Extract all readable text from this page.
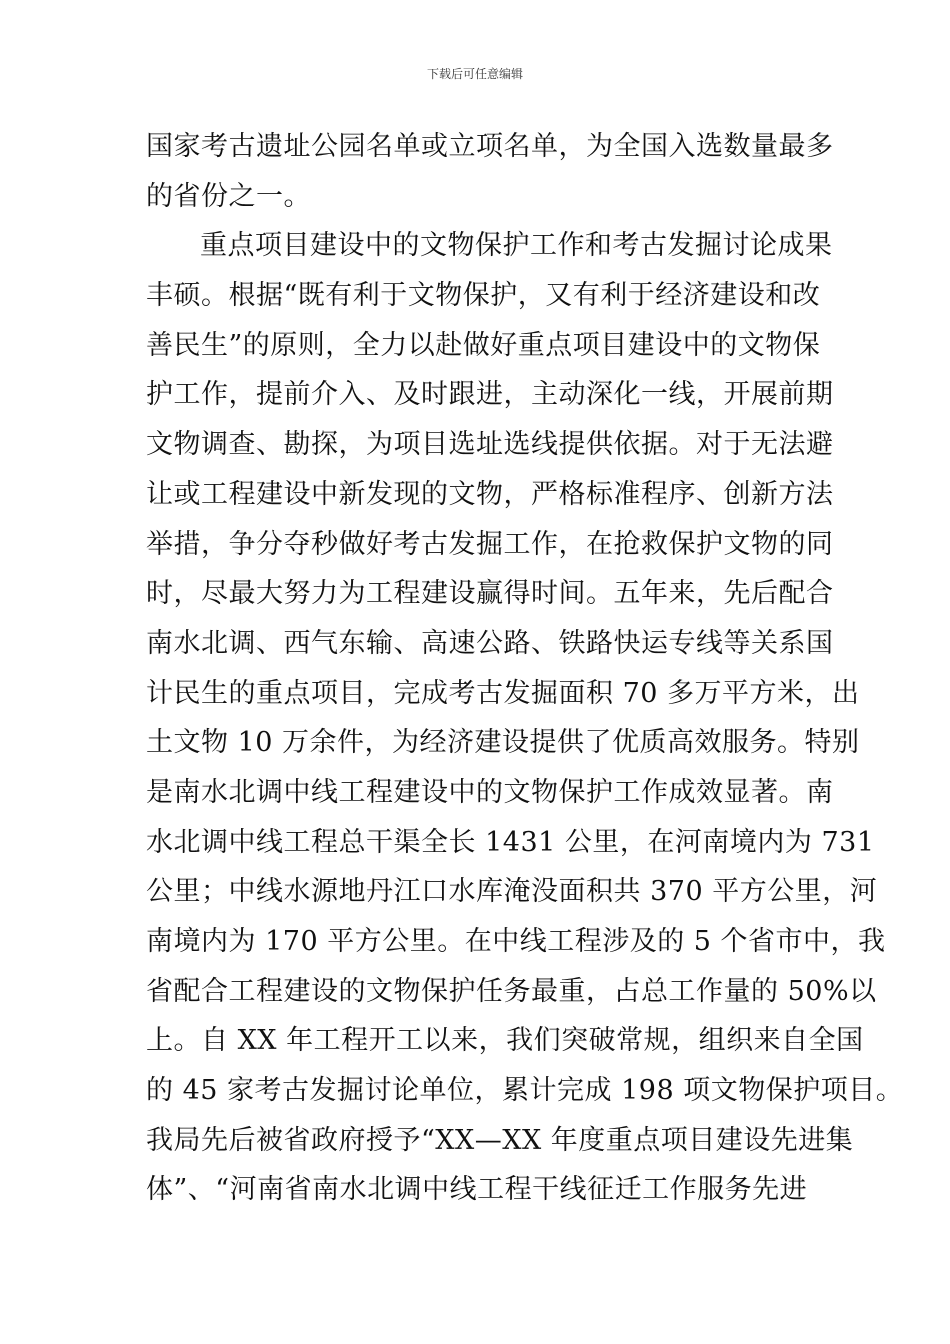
下载后可任意编辑
国家考古遗址公园名单或立项名单，为全国入选数量最多
的省份之一。
重点项目建设中的文物保护工作和考古发掘讨论成果
丰硕。根据“既有利于文物保护，又有利于经济建设和改
善民生”的原则，全力以赴做好重点项目建设中的文物保
护工作，提前介入、及时跟进，主动深化一线，开展前期
文物调查、勘探，为项目选址选线提供依据。对于无法避
让或工程建设中新发现的文物，严格标准程序、创新方法
举措，争分夺秒做好考古发掘工作，在抢救保护文物的同
时，尽最大努力为工程建设赢得时间。五年来，先后配合
南水北调、西气东输、高速公路、铁路快运专线等关系国
计民生的重点项目，完成考古发掘面积 70 多万平方米，出
土文物 10 万余件，为经济建设提供了优质高效服务。特别
是南水北调中线工程建设中的文物保护工作成效显著。南
水北调中线工程总干渠全长 1431 公里，在河南境内为 731
公里；中线水源地丹江口水库淹没面积共 370 平方公里，河
南境内为 170 平方公里。在中线工程涉及的 5 个省市中，我
省配合工程建设的文物保护任务最重，占总工作量的 50%以
上。自 XX 年工程开工以来，我们突破常规，组织来自全国
的 45 家考古发掘讨论单位，累计完成 198 项文物保护项目。
我局先后被省政府授予“XX—XX 年度重点项目建设先进集
体”、“河南省南水北调中线工程干线征迁工作服务先进
